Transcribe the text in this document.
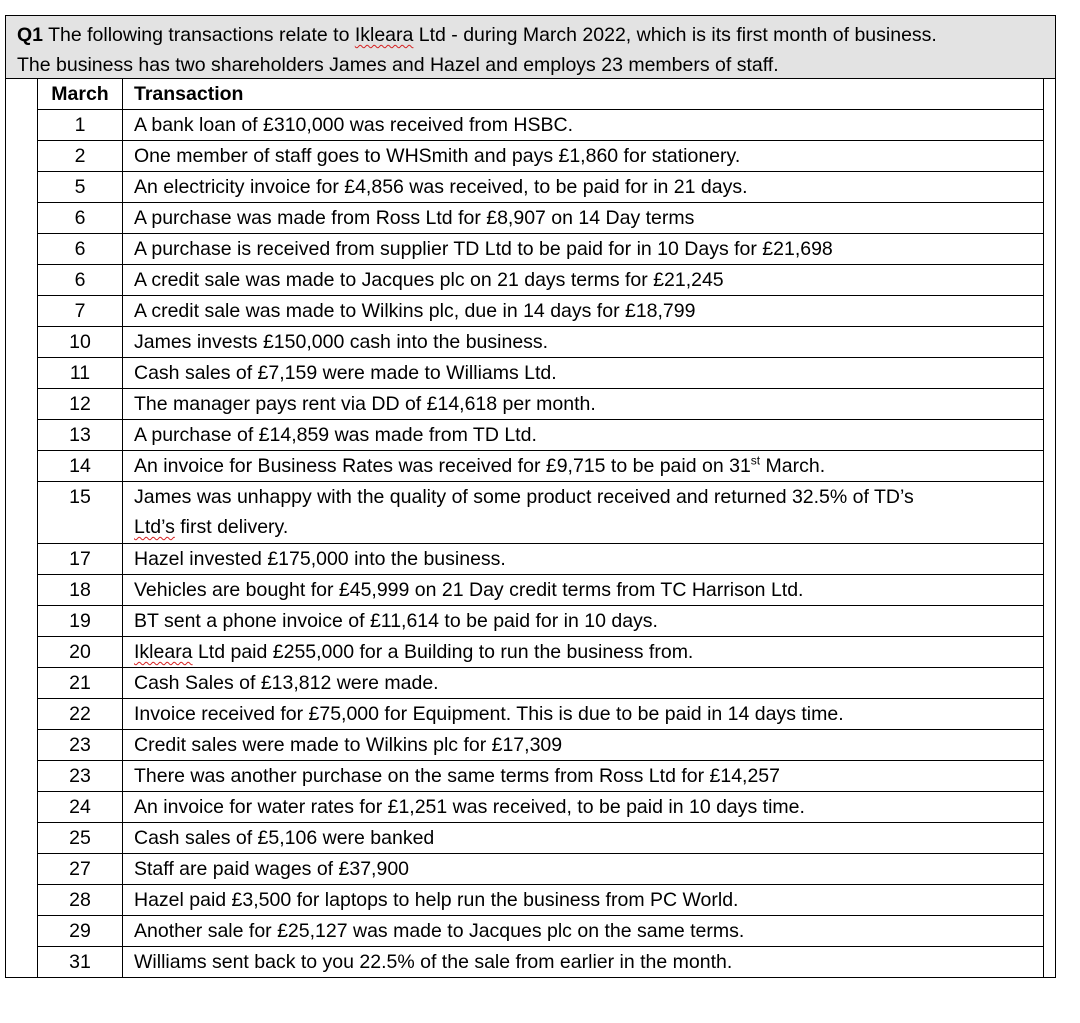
Q1 The following transactions relate to Ikleara Ltd - during March 2022, which is its first month of business.
The business has two shareholders James and Hazel and employs 23 members of staff.
March	Transaction
1	A bank loan of £310,000 was received from HSBC.
2	One member of staff goes to WHSmith and pays £1,860 for stationery.
5	An electricity invoice for £4,856 was received, to be paid for in 21 days.
6	A purchase was made from Ross Ltd for £8,907 on 14 Day terms
6	A purchase is received from supplier TD Ltd to be paid for in 10 Days for £21,698
6	A credit sale was made to Jacques plc on 21 days terms for £21,245
7	A credit sale was made to Wilkins plc, due in 14 days for £18,799
10	James invests £150,000 cash into the business.
11	Cash sales of £7,159 were made to Williams Ltd.
12	The manager pays rent via DD of £14,618 per month.
13	A purchase of £14,859 was made from TD Ltd.
14	An invoice for Business Rates was received for £9,715 to be paid on 31st March.
15	James was unhappy with the quality of some product received and returned 32.5% of TD’s
Ltd’s first delivery.
17	Hazel invested £175,000 into the business.
18	Vehicles are bought for £45,999 on 21 Day credit terms from TC Harrison Ltd.
19	BT sent a phone invoice of £11,614 to be paid for in 10 days.
20	Ikleara Ltd paid £255,000 for a Building to run the business from.
21	Cash Sales of £13,812 were made.
22	Invoice received for £75,000 for Equipment. This is due to be paid in 14 days time.
23	Credit sales were made to Wilkins plc for £17,309
23	There was another purchase on the same terms from Ross Ltd for £14,257
24	An invoice for water rates for £1,251 was received, to be paid in 10 days time.
25	Cash sales of £5,106 were banked
27	Staff are paid wages of £37,900
28	Hazel paid £3,500 for laptops to help run the business from PC World.
29	Another sale for £25,127 was made to Jacques plc on the same terms.
31	Williams sent back to you 22.5% of the sale from earlier in the month.
